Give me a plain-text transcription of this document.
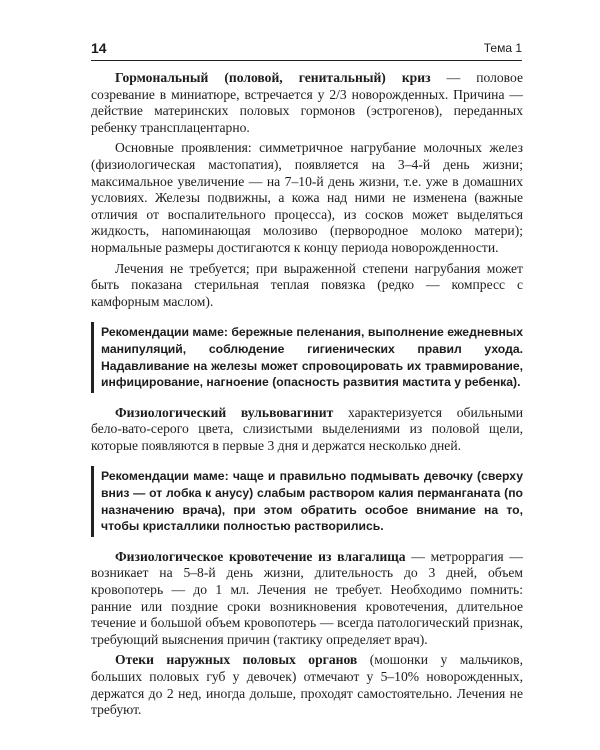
14	Тема 1

Гормональный (половой, генитальный) криз — половое созревание в миниатюре, встречается у 2/3 новорожденных. Причина — действие материнских половых гормонов (эстрогенов), переданных ребенку трансплацентарно.

Основные проявления: симметричное нагрубание молочных желез (физиологическая мастопатия), появляется на 3–4-й день жизни; максимальное увеличение — на 7–10-й день жизни, т.е. уже в домашних условиях. Железы подвижны, а кожа над ними не изменена (важные отличия от воспалительного процесса), из сосков может выделяться жидкость, напоминающая молозиво (первородное молоко матери); нормальные размеры достигаются к концу периода новорожденности.

Лечения не требуется; при выраженной степени нагрубания может быть показана стерильная теплая повязка (редко — компресс с камфорным маслом).

Рекомендации маме: бережные пеленания, выполнение ежедневных манипуляций, соблюдение гигиенических правил ухода. Надавливание на железы может спровоцировать их травмирование, инфицирование, нагноение (опасность развития мастита у ребенка).

Физиологический вульвовагинит характеризуется обильными бело-вато-серого цвета, слизистыми выделениями из половой щели, которые появляются в первые 3 дня и держатся несколько дней.

Рекомендации маме: чаще и правильно подмывать девочку (сверху вниз — от лобка к анусу) слабым раствором калия перманганата (по назначению врача), при этом обратить особое внимание на то, чтобы кристаллики полностью растворились.

Физиологическое кровотечение из влагалища — метроррагия — возникает на 5–8-й день жизни, длительность до 3 дней, объем кровопотерь — до 1 мл. Лечения не требует. Необходимо помнить: ранние или поздние сроки возникновения кровотечения, длительное течение и большой объем кровопотерь — всегда патологический признак, требующий выяснения причин (тактику определяет врач).

Отеки наружных половых органов (мошонки у мальчиков, больших половых губ у девочек) отмечают у 5–10% новорожденных, держатся до 2 нед, иногда дольше, проходят самостоятельно. Лечения не требуют.
